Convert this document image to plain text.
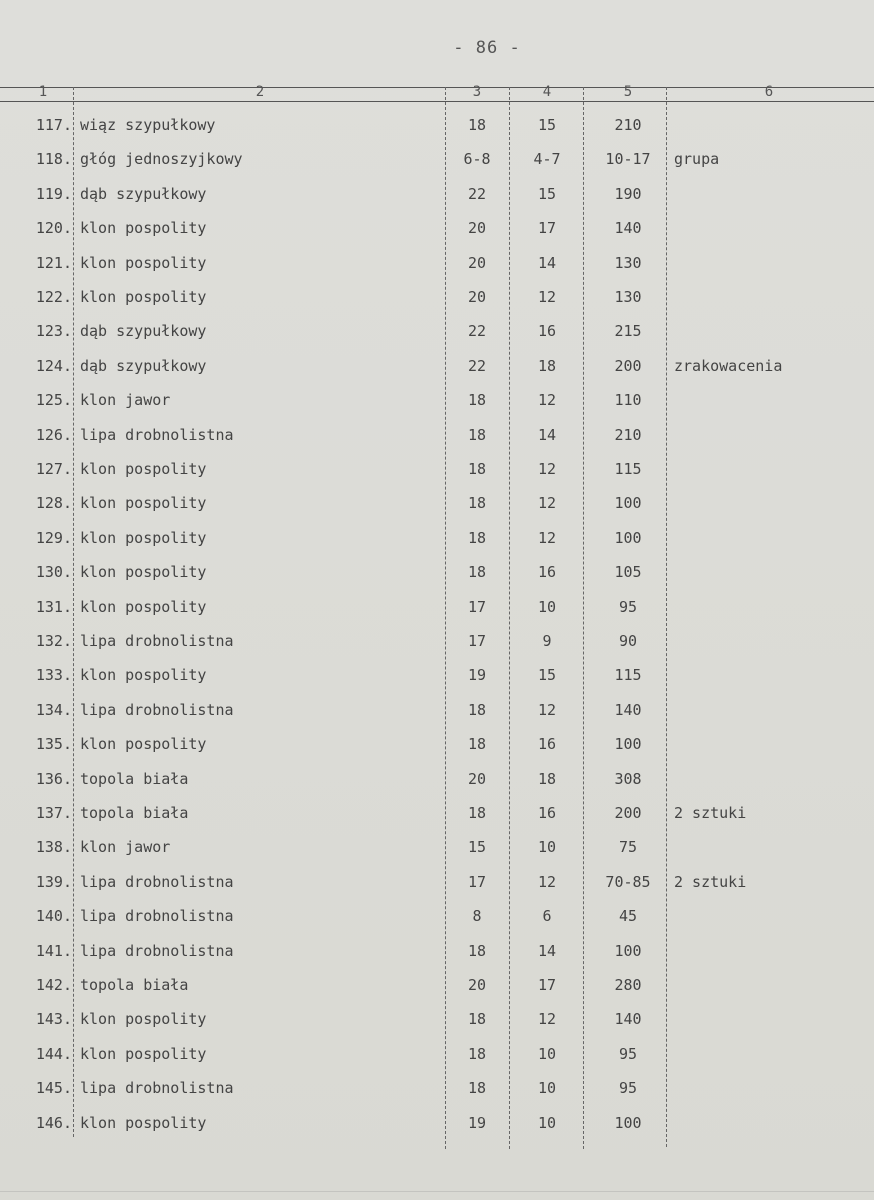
- 86 -
1	2	3	4	5	6
117. wiąz szypułkowy	18	15	210
118. głóg jednoszyjkowy	6-8	4-7	10-17	grupa
119. dąb szypułkowy	22	15	190
120. klon pospolity	20	17	140
121. klon pospolity	20	14	130
122. klon pospolity	20	12	130
123. dąb szypułkowy	22	16	215
124. dąb szypułkowy	22	18	200	zrakowacenia
125. klon jawor	18	12	110
126. lipa drobnolistna	18	14	210
127. klon pospolity	18	12	115
128. klon pospolity	18	12	100
129. klon pospolity	18	12	100
130. klon pospolity	18	16	105
131. klon pospolity	17	10	95
132. lipa drobnolistna	17	9	90
133. klon pospolity	19	15	115
134. lipa drobnolistna	18	12	140
135. klon pospolity	18	16	100
136. topola biała	20	18	308
137. topola biała	18	16	200	2 sztuki
138. klon jawor	15	10	75
139. lipa drobnolistna	17	12	70-85	2 sztuki
140. lipa drobnolistna	8	6	45
141. lipa drobnolistna	18	14	100
142. topola biała	20	17	280
143. klon pospolity	18	12	140
144. klon pospolity	18	10	95
145. lipa drobnolistna	18	10	95
146. klon pospolity	19	10	100
